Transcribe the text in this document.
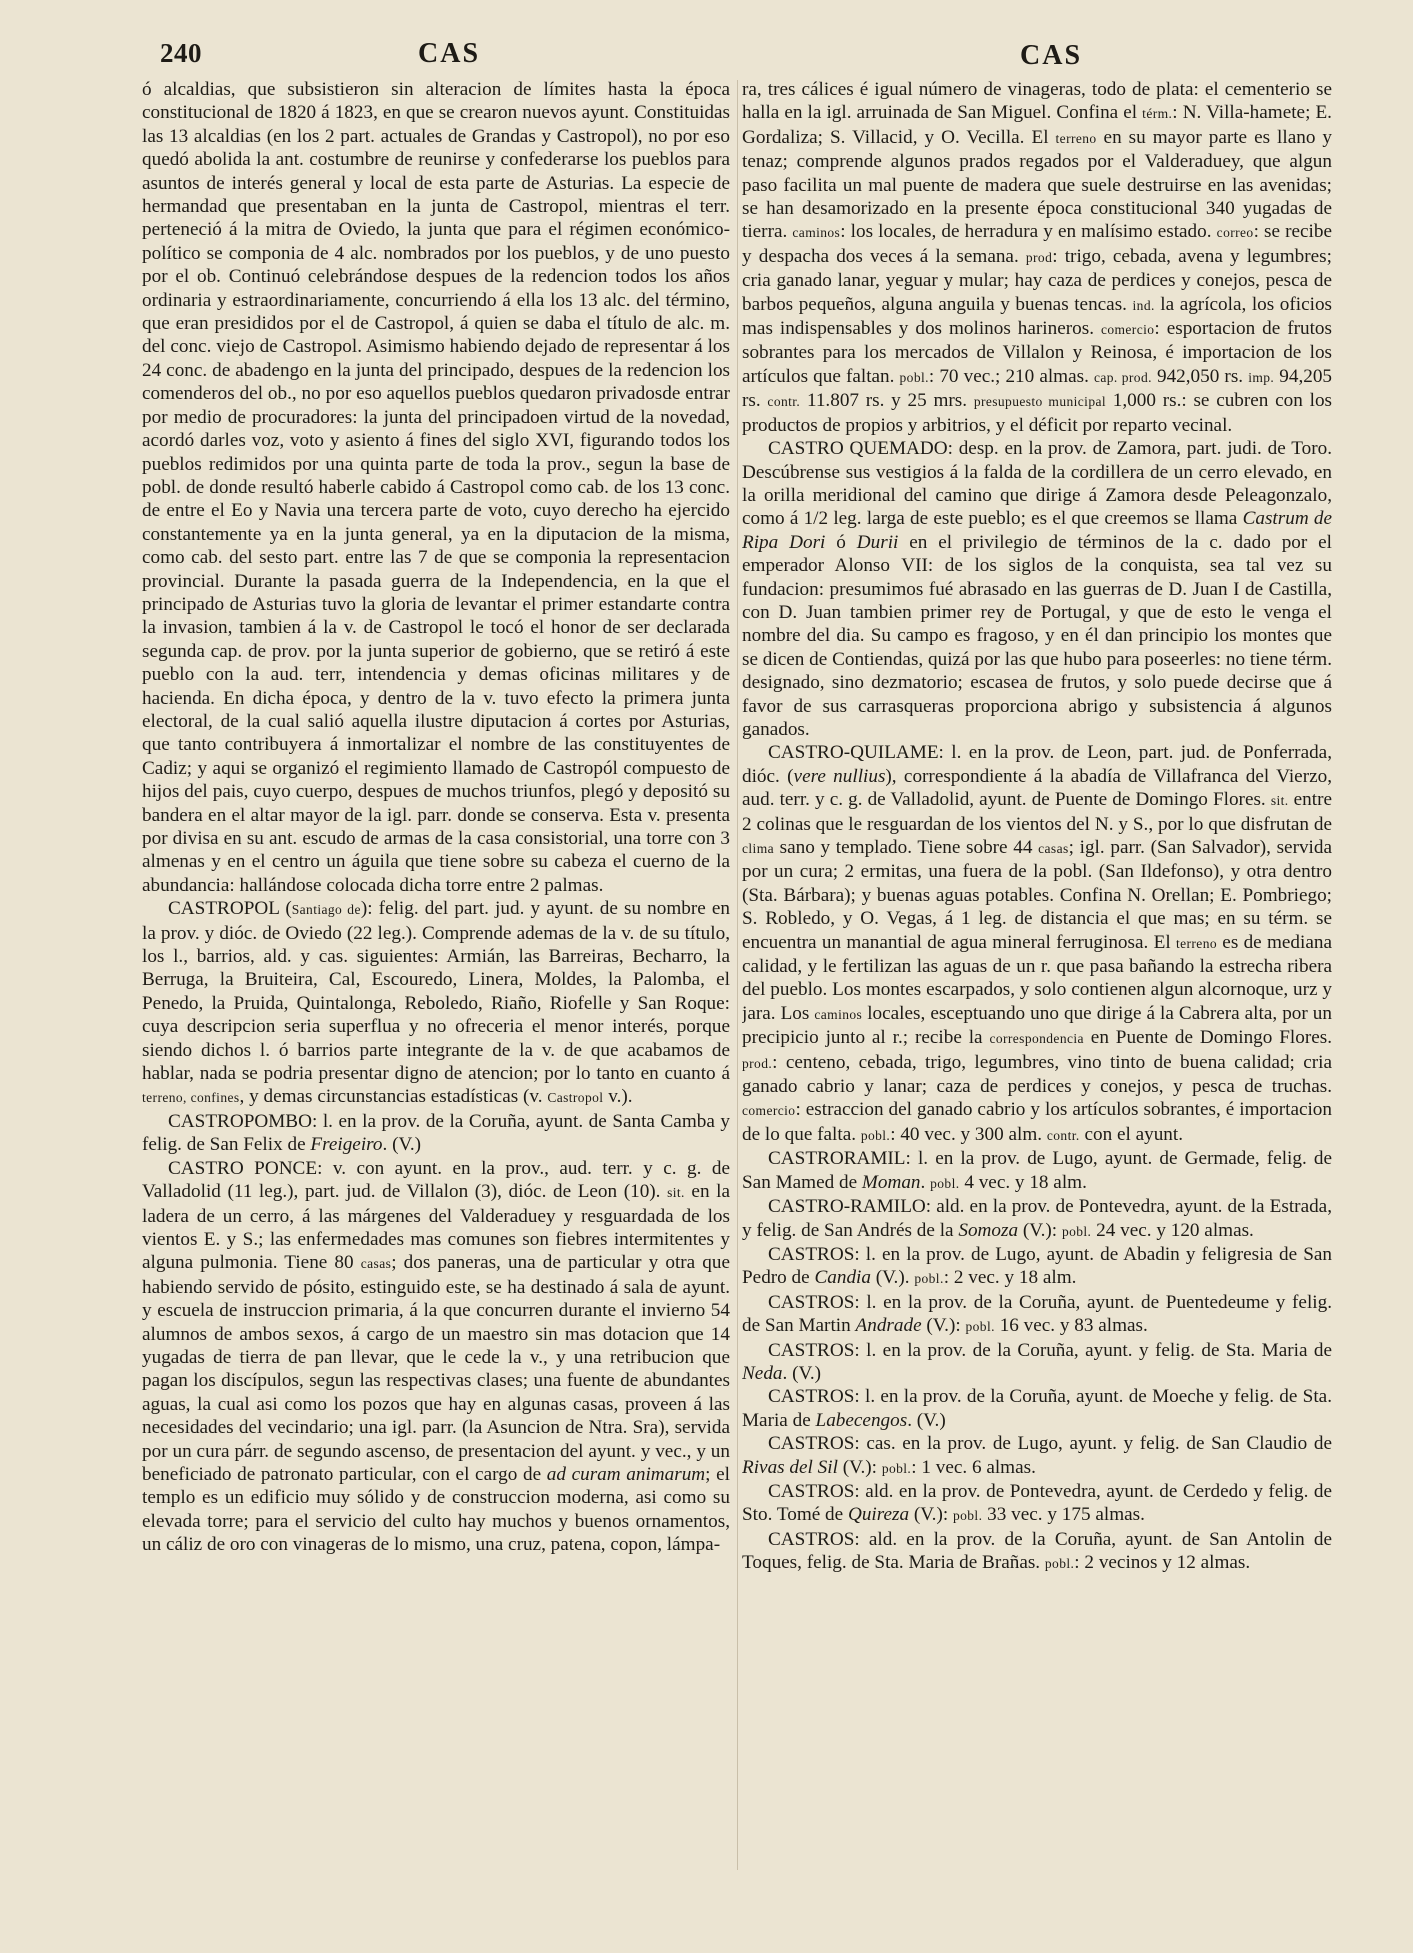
240	CAS	CAS

ó alcaldias, que subsistieron sin alteracion de límites hasta la época constitucional de 1820 á 1823, en que se crearon nuevos ayunt. Constituidas las 13 alcaldias (en los 2 part. actuales de Grandas y Castropol), no por eso quedó abolida la ant. costumbre de reunirse y confederarse los pueblos para asuntos de interés general y local de esta parte de Asturias. La especie de hermandad que presentaban en la junta de Castropol, mientras el terr. perteneció á la mitra de Oviedo, la junta que para el régimen económico-político se componia de 4 alc. nombrados por los pueblos, y de uno puesto por el ob. Continuó celebrándose despues de la redencion todos los años ordinaria y estraordinariamente, concurriendo á ella los 13 alc. del término, que eran presididos por el de Castropol, á quien se daba el título de alc. m. del conc. viejo de Castropol. Asimismo habiendo dejado de representar á los 24 conc. de abadengo en la junta del principado, despues de la redencion los comenderos del ob., no por eso aquellos pueblos quedaron privadosde entrar por medio de procuradores: la junta del principadoen virtud de la novedad, acordó darles voz, voto y asiento á fines del siglo XVI, figurando todos los pueblos redimidos por una quinta parte de toda la prov., segun la base de pobl. de donde resultó haberle cabido á Castropol como cab. de los 13 conc. de entre el Eo y Navia una tercera parte de voto, cuyo derecho ha ejercido constantemente ya en la junta general, ya en la diputacion de la misma, como cab. del sesto part. entre las 7 de que se componia la representacion provincial. Durante la pasada guerra de la Independencia, en la que el principado de Asturias tuvo la gloria de levantar el primer estandarte contra la invasion, tambien á la v. de Castropol le tocó el honor de ser declarada segunda cap. de prov. por la junta superior de gobierno, que se retiró á este pueblo con la aud. terr, intendencia y demas oficinas militares y de hacienda. En dicha época, y dentro de la v. tuvo efecto la primera junta electoral, de la cual salió aquella ilustre diputacion á cortes por Asturias, que tanto contribuyera á inmortalizar el nombre de las constituyentes de Cadiz; y aqui se organizó el regimiento llamado de Castropól compuesto de hijos del pais, cuyo cuerpo, despues de muchos triunfos, plegó y depositó su bandera en el altar mayor de la igl. parr. donde se conserva. Esta v. presenta por divisa en su ant. escudo de armas de la casa consistorial, una torre con 3 almenas y en el centro un águila que tiene sobre su cabeza el cuerno de la abundancia: hallándose colocada dicha torre entre 2 palmas.

CASTROPOL (Santiago de): felig. del part. jud. y ayunt. de su nombre en la prov. y dióc. de Oviedo (22 leg.). Comprende ademas de la v. de su título, los l., barrios, ald. y cas. siguientes: Armián, las Barreiras, Becharro, la Berruga, la Bruiteira, Cal, Escouredo, Linera, Moldes, la Palomba, el Penedo, la Pruida, Quintalonga, Reboledo, Riaño, Riofelle y San Roque: cuya descripcion seria superflua y no ofreceria el menor interés, porque siendo dichos l. ó barrios parte integrante de la v. de que acabamos de hablar, nada se podria presentar digno de atencion; por lo tanto en cuanto á terreno, confines, y demas circunstancias estadísticas (v. Castropol v.).

CASTROPOMBO: l. en la prov. de la Coruña, ayunt. de Santa Camba y felig. de San Felix de Freigeiro. (V.)

CASTRO PONCE: v. con ayunt. en la prov., aud. terr. y c. g. de Valladolid (11 leg.), part. jud. de Villalon (3), dióc. de Leon (10). sit. en la ladera de un cerro, á las márgenes del Valderaduey y resguardada de los vientos E. y S.; las enfermedades mas comunes son fiebres intermitentes y alguna pulmonia. Tiene 80 casas; dos paneras, una de particular y otra que habiendo servido de pósito, estinguido este, se ha destinado á sala de ayunt. y escuela de instruccion primaria, á la que concurren durante el invierno 54 alumnos de ambos sexos, á cargo de un maestro sin mas dotacion que 14 yugadas de tierra de pan llevar, que le cede la v., y una retribucion que pagan los discípulos, segun las respectivas clases; una fuente de abundantes aguas, la cual asi como los pozos que hay en algunas casas, proveen á las necesidades del vecindario; una igl. parr. (la Asuncion de Ntra. Sra), servida por un cura párr. de segundo ascenso, de presentacion del ayunt. y vec., y un beneficiado de patronato particular, con el cargo de ad curam animarum; el templo es un edificio muy sólido y de construccion moderna, asi como su elevada torre; para el servicio del culto hay muchos y buenos ornamentos, un cáliz de oro con vinageras de lo mismo, una cruz, patena, copon, lámpa-

ra, tres cálices é igual número de vinageras, todo de plata: el cementerio se halla en la igl. arruinada de San Miguel. Confina el térm.: N. Villa-hamete; E. Gordaliza; S. Villacid, y O. Vecilla. El terreno en su mayor parte es llano y tenaz; comprende algunos prados regados por el Valderaduey, que algun paso facilita un mal puente de madera que suele destruirse en las avenidas; se han desamorizado en la presente época constitucional 340 yugadas de tierra. caminos: los locales, de herradura y en malísimo estado. correo: se recibe y despacha dos veces á la semana. prod: trigo, cebada, avena y legumbres; cria ganado lanar, yeguar y mular; hay caza de perdices y conejos, pesca de barbos pequeños, alguna anguila y buenas tencas. ind. la agrícola, los oficios mas indispensables y dos molinos harineros. comercio: esportacion de frutos sobrantes para los mercados de Villalon y Reinosa, é importacion de los artículos que faltan. pobl.: 70 vec.; 210 almas. cap. prod. 942,050 rs. imp. 94,205 rs. contr. 11.807 rs. y 25 mrs. presupuesto municipal 1,000 rs.: se cubren con los productos de propios y arbitrios, y el déficit por reparto vecinal.

CASTRO QUEMADO: desp. en la prov. de Zamora, part. judi. de Toro. Descúbrense sus vestigios á la falda de la cordillera de un cerro elevado, en la orilla meridional del camino que dirige á Zamora desde Peleagonzalo, como á 1/2 leg. larga de este pueblo; es el que creemos se llama Castrum de Ripa Dori ó Durii en el privilegio de términos de la c. dado por el emperador Alonso VII: de los siglos de la conquista, sea tal vez su fundacion: presumimos fué abrasado en las guerras de D. Juan I de Castilla, con D. Juan tambien primer rey de Portugal, y que de esto le venga el nombre del dia. Su campo es fragoso, y en él dan principio los montes que se dicen de Contiendas, quizá por las que hubo para poseerles: no tiene térm. designado, sino dezmatorio; escasea de frutos, y solo puede decirse que á favor de sus carrasqueras proporciona abrigo y subsistencia á algunos ganados.

CASTRO-QUILAME: l. en la prov. de Leon, part. jud. de Ponferrada, dióc. (vere nullius), correspondiente á la abadía de Villafranca del Vierzo, aud. terr. y c. g. de Valladolid, ayunt. de Puente de Domingo Flores. sit. entre 2 colinas que le resguardan de los vientos del N. y S., por lo que disfrutan de clima sano y templado. Tiene sobre 44 casas; igl. parr. (San Salvador), servida por un cura; 2 ermitas, una fuera de la pobl. (San Ildefonso), y otra dentro (Sta. Bárbara); y buenas aguas potables. Confina N. Orellan; E. Pombriego; S. Robledo, y O. Vegas, á 1 leg. de distancia el que mas; en su térm. se encuentra un manantial de agua mineral ferruginosa. El terreno es de mediana calidad, y le fertilizan las aguas de un r. que pasa bañando la estrecha ribera del pueblo. Los montes escarpados, y solo contienen algun alcornoque, urz y jara. Los caminos locales, esceptuando uno que dirige á la Cabrera alta, por un precipicio junto al r.; recibe la correspondencia en Puente de Domingo Flores. prod.: centeno, cebada, trigo, legumbres, vino tinto de buena calidad; cria ganado cabrio y lanar; caza de perdices y conejos, y pesca de truchas. comercio: estraccion del ganado cabrio y los artículos sobrantes, é importacion de lo que falta. pobl.: 40 vec. y 300 alm. contr. con el ayunt.

CASTRORAMIL: l. en la prov. de Lugo, ayunt. de Germade, felig. de San Mamed de Moman. pobl. 4 vec. y 18 alm.

CASTRO-RAMILO: ald. en la prov. de Pontevedra, ayunt. de la Estrada, y felig. de San Andrés de la Somoza (V.): pobl. 24 vec. y 120 almas.

CASTROS: l. en la prov. de Lugo, ayunt. de Abadin y feligresia de San Pedro de Candia (V.). pobl.: 2 vec. y 18 alm.

CASTROS: l. en la prov. de la Coruña, ayunt. de Puentedeume y felig. de San Martin Andrade (V.): pobl. 16 vec. y 83 almas.

CASTROS: l. en la prov. de la Coruña, ayunt. y felig. de Sta. Maria de Neda. (V.)

CASTROS: l. en la prov. de la Coruña, ayunt. de Moeche y felig. de Sta. Maria de Labecengos. (V.)

CASTROS: cas. en la prov. de Lugo, ayunt. y felig. de San Claudio de Rivas del Sil (V.): pobl.: 1 vec. 6 almas.

CASTROS: ald. en la prov. de Pontevedra, ayunt. de Cerdedo y felig. de Sto. Tomé de Quireza (V.): pobl. 33 vec. y 175 almas.

CASTROS: ald. en la prov. de la Coruña, ayunt. de San Antolin de Toques, felig. de Sta. Maria de Brañas. pobl.: 2 vecinos y 12 almas.
